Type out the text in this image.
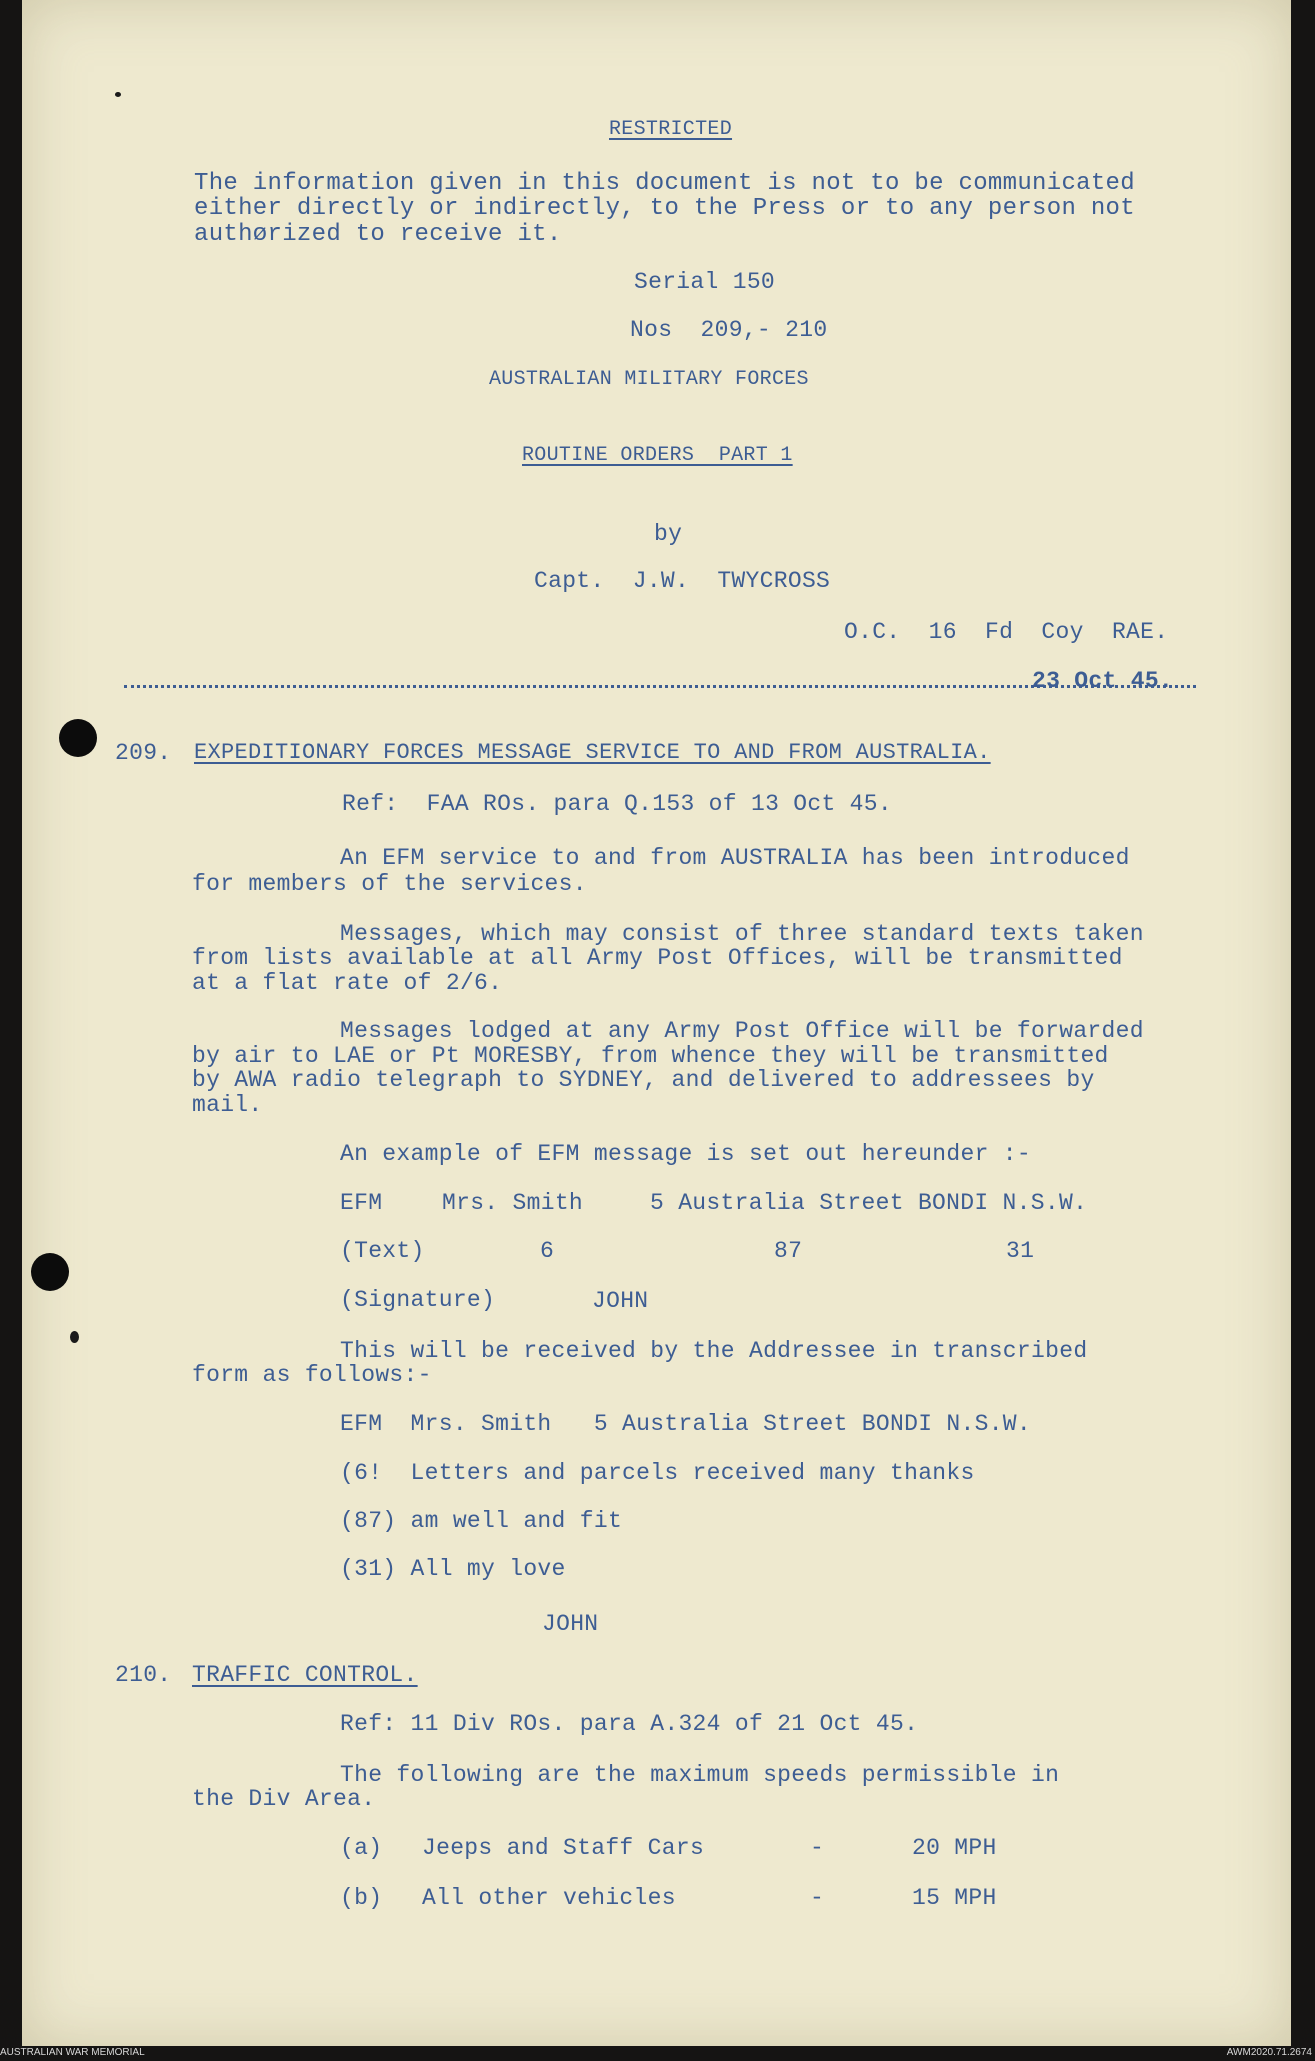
RESTRICTED
The information given in this document is not to be communicated
either directly or indirectly, to the Press or to any person not
authørized to receive it.
Serial 150
Nos  209,- 210
AUSTRALIAN MILITARY FORCES
ROUTINE ORDERS  PART 1
by
Capt.  J.W.  TWYCROSS
O.C.  16  Fd  Coy  RAE.
23 Oct 45.
209. EXPEDITIONARY FORCES MESSAGE SERVICE TO AND FROM AUSTRALIA.
Ref:  FAA ROs. para Q.153 of 13 Oct 45.
An EFM service to and from AUSTRALIA has been introduced
for members of the services.
Messages, which may consist of three standard texts taken
from lists available at all Army Post Offices, will be transmitted
at a flat rate of 2/6.
Messages lodged at any Army Post Office will be forwarded
by air to LAE or Pt MORESBY, from whence they will be transmitted
by AWA radio telegraph to SYDNEY, and delivered to addressees by
mail.
An example of EFM message is set out hereunder :-
EFM	Mrs. Smith	5 Australia Street BONDI N.S.W.
(Text)	6	87	31
(Signature)	JOHN
This will be received by the Addressee in transcribed
form as follows:-
EFM  Mrs. Smith   5 Australia Street BONDI N.S.W.
(6!  Letters and parcels received many thanks
(87) am well and fit
(31) All my love
JOHN
210. TRAFFIC CONTROL.
Ref: 11 Div ROs. para A.324 of 21 Oct 45.
The following are the maximum speeds permissible in
the Div Area.
(a) Jeeps and Staff Cars	-	20 MPH
(b) All other vehicles	-	15 MPH
AUSTRALIAN WAR MEMORIAL	AWM2020.71.2674
